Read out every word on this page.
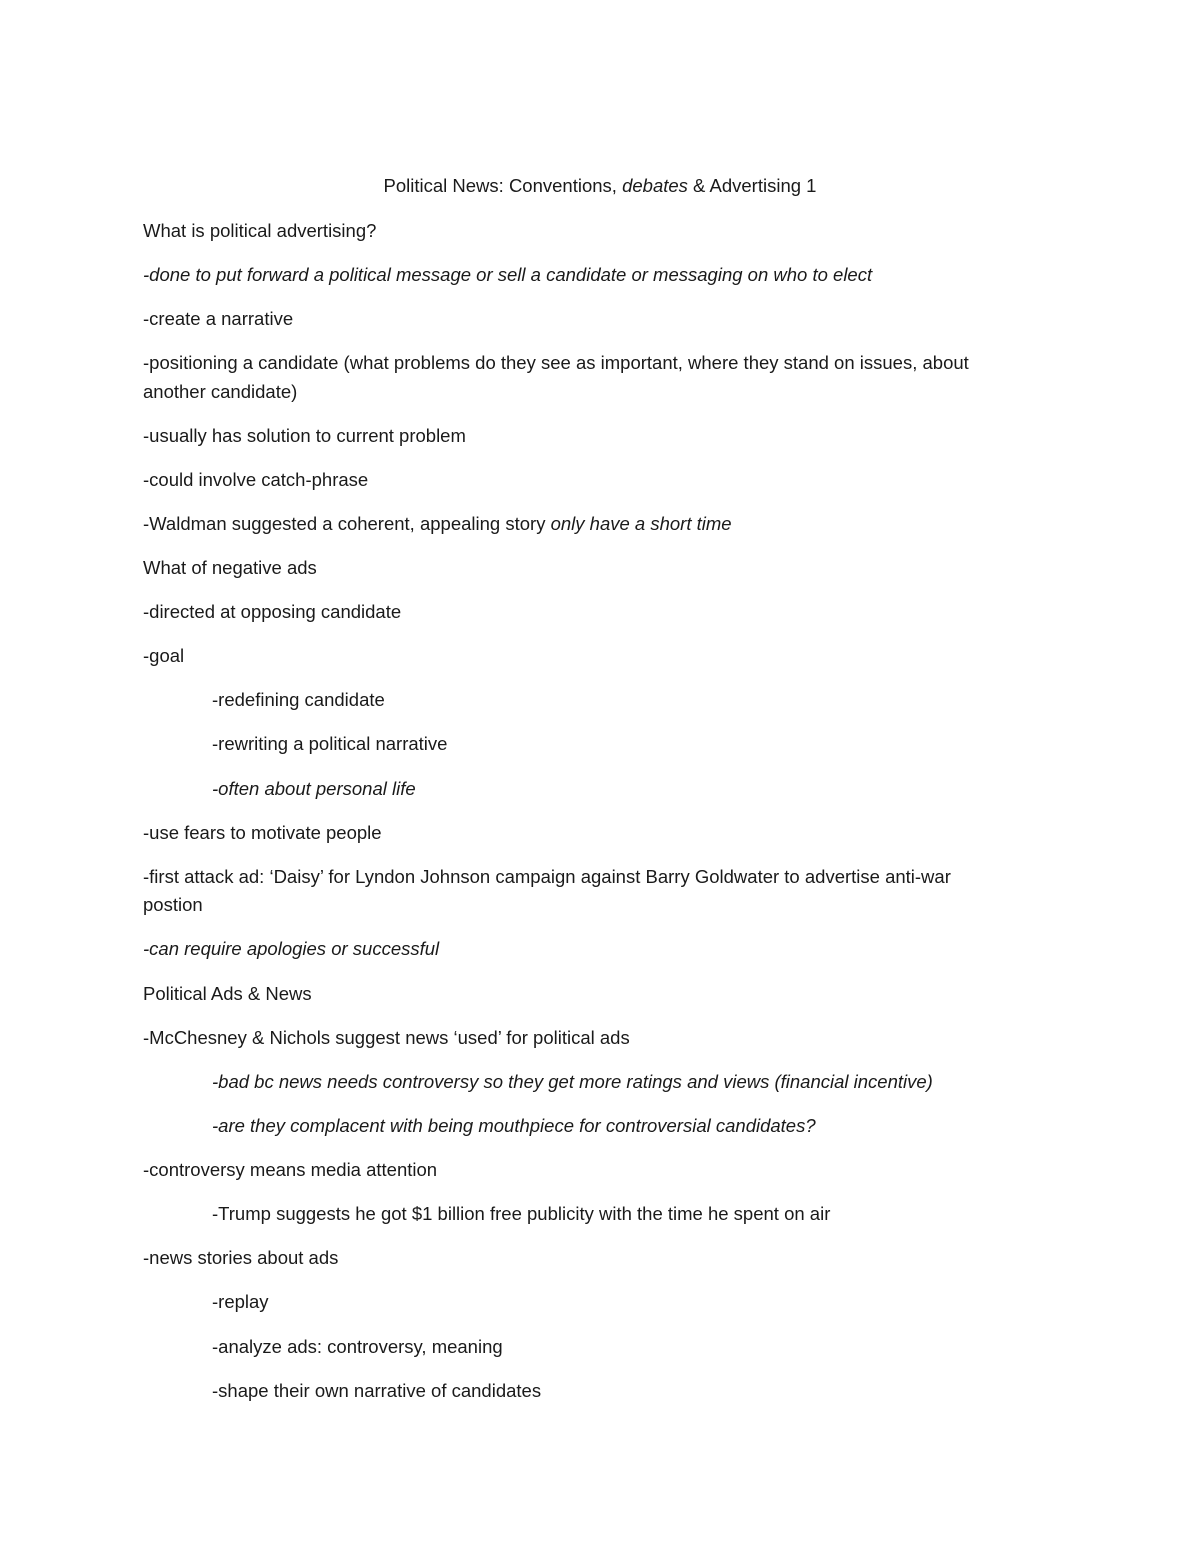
Political News: Conventions, debates & Advertising 1

What is political advertising?

-done to put forward a political message or sell a candidate or messaging on who to elect

-create a narrative

-positioning a candidate (what problems do they see as important, where they stand on issues, about

another candidate)

-usually has solution to current problem

-could involve catch-phrase

-Waldman suggested a coherent, appealing story only have a short time

What of negative ads

-directed at opposing candidate

-goal

-redefining candidate

-rewriting a political narrative

-often about personal life

-use fears to motivate people

-first attack ad: ‘Daisy’ for Lyndon Johnson campaign against Barry Goldwater to advertise anti-war

postion

-can require apologies or successful

Political Ads & News

-McChesney & Nichols suggest news ‘used’ for political ads

-bad bc news needs controversy so they get more ratings and views (financial incentive)

-are they complacent with being mouthpiece for controversial candidates?

-controversy means media attention

-Trump suggests he got $1 billion free publicity with the time he spent on air

-news stories about ads

-replay

-analyze ads: controversy, meaning

-shape their own narrative of candidates
